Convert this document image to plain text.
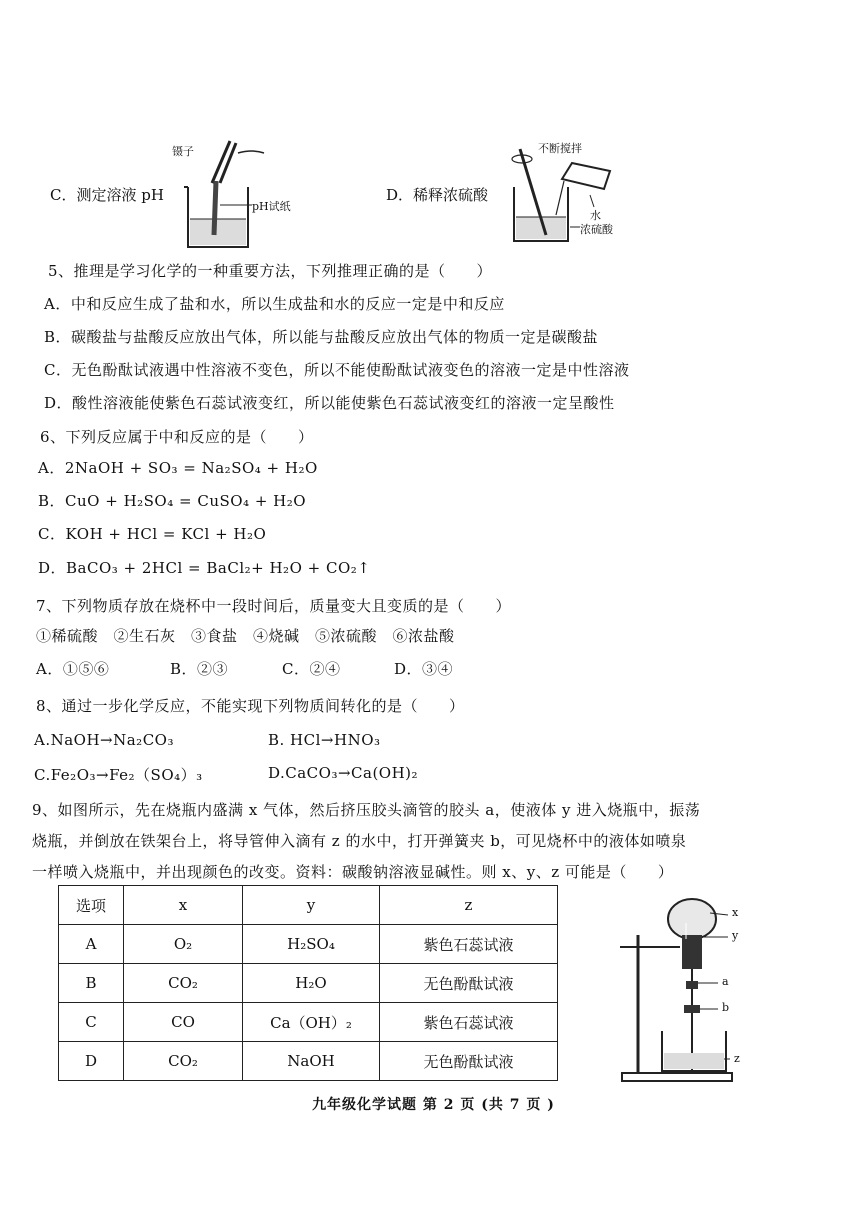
C．测定溶液 pH
镊子
pH试纸
D．稀释浓硫酸
不断搅拌
水
浓硫酸
5、推理是学习化学的一种重要方法，下列推理正确的是（　　）
A．中和反应生成了盐和水，所以生成盐和水的反应一定是中和反应
B．碳酸盐与盐酸反应放出气体，所以能与盐酸反应放出气体的物质一定是碳酸盐
C．无色酚酞试液遇中性溶液不变色，所以不能使酚酞试液变色的溶液一定是中性溶液
D．酸性溶液能使紫色石蕊试液变红，所以能使紫色石蕊试液变红的溶液一定呈酸性
6、下列反应属于中和反应的是（　　）
A．2NaOH + SO₃ = Na₂SO₄ + H₂O
B．CuO + H₂SO₄ = CuSO₄ + H₂O
C．KOH + HCl = KCl + H₂O
D．BaCO₃ + 2HCl = BaCl₂+ H₂O + CO₂↑
7、下列物质存放在烧杯中一段时间后，质量变大且变质的是（　　）
①稀硫酸　②生石灰　③食盐　④烧碱　⑤浓硫酸　⑥浓盐酸
A．①⑤⑥	B．②③	C．②④	D．③④
8、通过一步化学反应，不能实现下列物质间转化的是（　　）
A.NaOH→Na₂CO₃	B. HCl→HNO₃
C.Fe₂O₃→Fe₂（SO₄）₃	D.CaCO₃→Ca(OH)₂
9、如图所示，先在烧瓶内盛满 x 气体，然后挤压胶头滴管的胶头 a，使液体 y 进入烧瓶中，振荡
烧瓶，并倒放在铁架台上，将导管伸入滴有 z 的水中，打开弹簧夹 b，可见烧杯中的液体如喷泉
一样喷入烧瓶中，并出现颜色的改变。资料：碳酸钠溶液显碱性。则 x、y、z 可能是（　　）
选项	x	y	z
A	O₂	H₂SO₄	紫色石蕊试液
B	CO₂	H₂O	无色酚酞试液
C	CO	Ca（OH）₂	紫色石蕊试液
D	CO₂	NaOH	无色酚酞试液
x
y
a
b
z
九年级化学试题 第 2 页 (共 7 页 )
